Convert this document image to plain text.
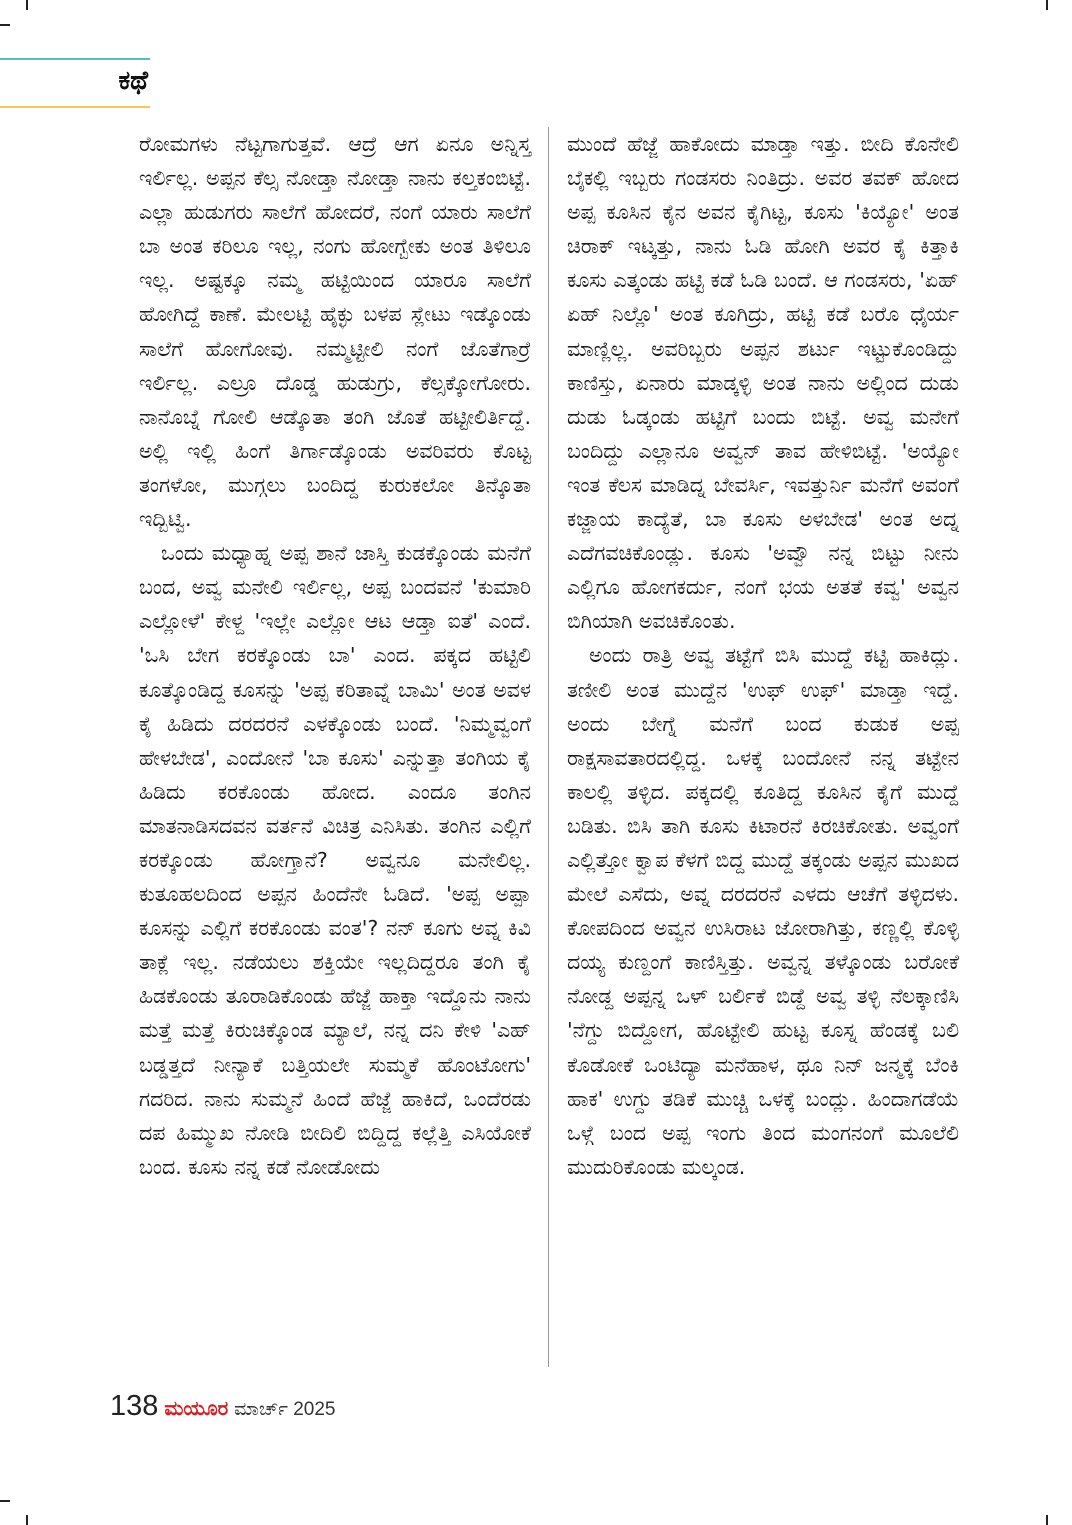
ಕಥೆ

ರೋಮಗಳು ನೆಟ್ಟಗಾಗುತ್ತವೆ. ಆದ್ರೆ ಆಗ ಏನೂ ಅನ್ನಿಸ್ತ ಇರ್ಲಿಲ್ಲ. ಅಪ್ಪನ ಕೆಲ್ಸ ನೋಡ್ತಾ ನೋಡ್ತಾ ನಾನು ಕಲ್ತಕಂಬಿಟ್ಟೆ. ಎಲ್ಲಾ ಹುಡುಗರು ಸಾಲೆಗೆ ಹೋದರೆ, ನಂಗೆ ಯಾರು ಸಾಲೆಗೆ ಬಾ ಅಂತ ಕರಿಲೂ ಇಲ್ಲ, ನಂಗು ಹೋಗ್ಬೇಕು ಅಂತ ತಿಳಿಲೂ ಇಲ್ಲ. ಅಷ್ಟಕ್ಕೂ ನಮ್ಮ ಹಟ್ಟಿಯಿಂದ ಯಾರೂ ಸಾಲೆಗೆ ಹೋಗಿದ್ದೆ ಕಾಣೆ. ಮೇಲಟ್ಟಿ ಹೈಕ್ಳು ಬಳಪ ಸ್ಲೇಟು ಇಡ್ಕೊಂಡು ಸಾಲೆಗೆ ಹೋಗೋವು. ನಮ್ಮಟ್ಟೀಲಿ ನಂಗೆ ಜೊತೆಗಾರ್ರೆ ಇರ್ಲಿಲ್ಲ. ಎಲ್ರೂ ದೊಡ್ಡ ಹುಡುಗ್ರು, ಕೆಲ್ಸಕ್ಕೋಗೋರು. ನಾನೊಬ್ನೆ ಗೋಲಿ ಆಡ್ಕೊತಾ ತಂಗಿ ಜೊತೆ ಹಟ್ಟೀಲಿರ್ತಿದ್ದೆ. ಅಲ್ಲಿ ಇಲ್ಲಿ ಹಿಂಗೆ ತಿರ್ಗಾಡ್ಕೊಂಡು ಅವರಿವರು ಕೊಟ್ಟ ತಂಗಳೋ, ಮುಗ್ಗಲು ಬಂದಿದ್ದ ಕುರುಕಲೋ ತಿನ್ಕೊತಾ ಇದ್ಬಿಟ್ವಿ.

ಒಂದು ಮಧ್ಯಾಹ್ನ ಅಪ್ಪ ಶಾನೆ ಜಾಸ್ತಿ ಕುಡಕ್ಕೊಂಡು ಮನೆಗೆ ಬಂದ, ಅವ್ವ ಮನೇಲಿ ಇರ್ಲಿಲ್ಲ, ಅಪ್ಪ ಬಂದವನೆ 'ಕುಮಾರಿ ಎಲ್ಲೋಳೆ' ಕೇಳ್ದ 'ಇಲ್ಲೇ ಎಲ್ಲೋ ಆಟ ಆಡ್ತಾ ಐತೆ' ಎಂದೆ. 'ಒಸಿ ಬೇಗ ಕರಕ್ಕೊಂಡು ಬಾ' ಎಂದ. ಪಕ್ಕದ ಹಟ್ಟಿಲಿ ಕೂತ್ಕೊಂಡಿದ್ದ ಕೂಸನ್ನು 'ಅಪ್ಪ ಕರಿತಾವ್ನೆ ಬಾಮಿ' ಅಂತ ಅವಳ ಕೈ ಹಿಡಿದು ದರದರನೆ ಎಳಕ್ಕೊಂಡು ಬಂದೆ. 'ನಿಮ್ಮವ್ವಂಗೆ ಹೇಳಬೇಡ', ಎಂದೋನೆ 'ಬಾ ಕೂಸು' ಎನ್ನುತ್ತಾ ತಂಗಿಯ ಕೈ ಹಿಡಿದು ಕರಕೊಂಡು ಹೋದ. ಎಂದೂ ತಂಗಿನ ಮಾತನಾಡಿಸದವನ ವರ್ತನೆ ವಿಚಿತ್ರ ಎನಿಸಿತು. ತಂಗಿನ ಎಲ್ಲಿಗೆ ಕರಕ್ಕೊಂಡು ಹೋಗ್ತಾನೆ? ಅವ್ವನೂ ಮನೇಲಿಲ್ಲ. ಕುತೂಹಲದಿಂದ ಅಪ್ಪನ ಹಿಂದೆನೇ ಓಡಿದೆ. 'ಅಪ್ಪ ಅಪ್ಪಾ ಕೂಸನ್ನು ಎಲ್ಲಿಗೆ ಕರಕೊಂಡು ವಂತ'? ನನ್ ಕೂಗು ಅವ್ನ ಕಿವಿ ತಾಕ್ಲೆ ಇಲ್ಲ. ನಡೆಯಲು ಶಕ್ತಿಯೇ ಇಲ್ಲದಿದ್ದರೂ ತಂಗಿ ಕೈ ಹಿಡಕೊಂಡು ತೂರಾಡಿಕೊಂಡು ಹೆಜ್ಜೆ ಹಾಕ್ತಾ ಇದ್ದೊನು ನಾನು ಮತ್ತೆ ಮತ್ತೆ ಕಿರುಚಿಕ್ಕೊಂಡ ಮ್ಯಾಲೆ, ನನ್ನ ದನಿ ಕೇಳಿ 'ಎಹ್ ಬಡ್ಡತ್ತದೆ ನೀನ್ಯಾಕೆ ಬತ್ತಿಯಲೇ ಸುಮ್ಮಕೆ ಹೊಂಟೋಗು' ಗದರಿದ. ನಾನು ಸುಮ್ಮನೆ ಹಿಂದೆ ಹೆಜ್ಜೆ ಹಾಕಿದೆ, ಒಂದೆರಡು ದಪ ಹಿಮ್ಮುಖ ನೋಡಿ ಬೀದಿಲಿ ಬಿದ್ದಿದ್ದ ಕಲ್ಲೆತ್ತಿ ಎಸಿಯೋಕೆ ಬಂದ. ಕೂಸು ನನ್ನ ಕಡೆ ನೋಡೋದು

ಮುಂದೆ ಹೆಜ್ಜೆ ಹಾಕೋದು ಮಾಡ್ತಾ ಇತ್ತು. ಬೀದಿ ಕೊನೇಲಿ ಬೈಕಲ್ಲಿ ಇಬ್ಬರು ಗಂಡಸರು ನಿಂತಿದ್ರು. ಅವರ ತವಕ್ ಹೋದ ಅಪ್ಪ ಕೂಸಿನ ಕೈನ ಅವನ ಕೈಗಿಟ್ಟ, ಕೂಸು 'ಕಿಯ್ಯೋ' ಅಂತ ಚಿರಾಕ್ ಇಟ್ಕತ್ತು, ನಾನು ಓಡಿ ಹೋಗಿ ಅವರ ಕೈ ಕಿತ್ತಾಕಿ ಕೂಸು ಎತ್ಕಂಡು ಹಟ್ಟಿ ಕಡೆ ಓಡಿ ಬಂದೆ. ಆ ಗಂಡಸರು, 'ಏಹ್ ಏಹ್ ನಿಲ್ಲೊ' ಅಂತ ಕೂಗಿದ್ರು, ಹಟ್ಟಿ ಕಡೆ ಬರೊ ಧೈರ್ಯ ಮಾಣ್ಲಿಲ್ಲ. ಅವರಿಬ್ಬರು ಅಪ್ಪನ ಶರ್ಟು ಇಟ್ಟುಕೊಂಡಿದ್ದು ಕಾಣಿಸ್ತು, ಏನಾರು ಮಾಡ್ಕಳ್ಳಿ ಅಂತ ನಾನು ಅಲ್ಲಿಂದ ದುಡು ದುಡು ಓಡ್ಕಂಡು ಹಟ್ಟಿಗೆ ಬಂದು ಬಿಟ್ಟೆ. ಅವ್ವ ಮನೇಗೆ ಬಂದಿದ್ದು ಎಲ್ಲಾನೂ ಅವ್ವನ್ ತಾವ ಹೇಳಿಬಿಟ್ಟೆ. 'ಅಯ್ಯೋ ಇಂತ ಕೆಲಸ ಮಾಡಿದ್ನ ಬೇವರ್ಸಿ, ಇವತ್ತುರ್ನಿ ಮನೆಗೆ ಅವಂಗೆ ಕಜ್ಜಾಯ ಕಾದ್ಯೆತೆ, ಬಾ ಕೂಸು ಅಳಬೇಡ' ಅಂತ ಅದ್ನ ಎದೆಗವಚಿಕೊಂಡ್ಲು. ಕೂಸು 'ಅವ್ವೌ ನನ್ನ ಬಿಟ್ಟು ನೀನು ಎಲ್ಲಿಗೂ ಹೋಗಕರ್ದು, ನಂಗೆ ಭಯ ಅತತೆ ಕವ್ವ' ಅವ್ವನ ಬಿಗಿಯಾಗಿ ಅವಚಿಕೊಂತು.

ಅಂದು ರಾತ್ರಿ ಅವ್ವ ತಟ್ಟೆಗೆ ಬಿಸಿ ಮುದ್ದೆ ಕಟ್ಟಿ ಹಾಕಿದ್ಲು. ತಣೀಲಿ ಅಂತ ಮುದ್ದೆನ 'ಉಫ್ ಉಫ್' ಮಾಡ್ತಾ ಇದ್ದೆ. ಅಂದು ಬೇಗ್ನೆ ಮನೆಗೆ ಬಂದ ಕುಡುಕ ಅಪ್ಪ ರಾಕ್ಷಸಾವತಾರದಲ್ಲಿದ್ದ. ಒಳಕ್ಕೆ ಬಂದೋನೆ ನನ್ನ ತಟ್ಟೇನ ಕಾಲಲ್ಲಿ ತಳ್ಳಿದ. ಪಕ್ಕದಲ್ಲಿ ಕೂತಿದ್ದ ಕೂಸಿನ ಕೈಗೆ ಮುದ್ದೆ ಬಡಿತು. ಬಿಸಿ ತಾಗಿ ಕೂಸು ಕಿಟಾರನೆ ಕಿರಚಿಕೋತು. ಅವ್ವಂಗೆ ಎಲ್ಲಿತ್ತೋ ಕ್ವಾಪ ಕೆಳಗೆ ಬಿದ್ದ ಮುದ್ದೆ ತಕ್ಕಂಡು ಅಪ್ಪನ ಮುಖದ ಮೇಲೆ ಎಸೆದು, ಅವ್ನ ದರದರನೆ ಎಳದು ಆಚೆಗೆ ತಳ್ಳಿದಳು. ಕೋಪದಿಂದ ಅವ್ವನ ಉಸಿರಾಟ ಜೋರಾಗಿತ್ತು, ಕಣ್ಣಲ್ಲಿ ಕೊಳ್ಳಿ ದಯ್ಯ ಕುಣ್ದಂಗೆ ಕಾಣಿಸ್ತಿತ್ತು. ಅವ್ವನ್ನ ತಳ್ಕೊಂಡು ಬರೋಕೆ ನೋಡ್ದ ಅಪ್ಪನ್ನ ಒಳ್ ಬರ್ಲಿಕೆ ಬಿಡ್ದೆ ಅವ್ವ ತಳ್ಳಿ ನೆಲಕ್ಕಾಣಿಸಿ 'ನೆಗ್ದು ಬಿದ್ದೋಗ, ಹೊಟ್ಟೇಲಿ ಹುಟ್ಟ ಕೂಸ್ನ ಹೆಂಡಕ್ಕೆ ಬಲಿ ಕೊಡೋಕೆ ಒಂಟಿದ್ಯಾ ಮನೆಹಾಳ, ಥೂ ನಿನ್ ಜನ್ಮಕ್ಕೆ ಬೆಂಕಿ ಹಾಕ' ಉಗ್ದು ತಡಿಕೆ ಮುಚ್ಚಿ ಒಳಕ್ಕೆ ಬಂದ್ಲು. ಹಿಂದಾಗಡೆಯೆ ಒಳ್ಗೆ ಬಂದ ಅಪ್ಪ ಇಂಗು ತಿಂದ ಮಂಗನಂಗೆ ಮೂಲೆಲಿ ಮುದುರಿಕೊಂಡು ಮಲ್ಕಂಡ.

138 ಮಯೂರ ಮಾರ್ಚ್ 2025
